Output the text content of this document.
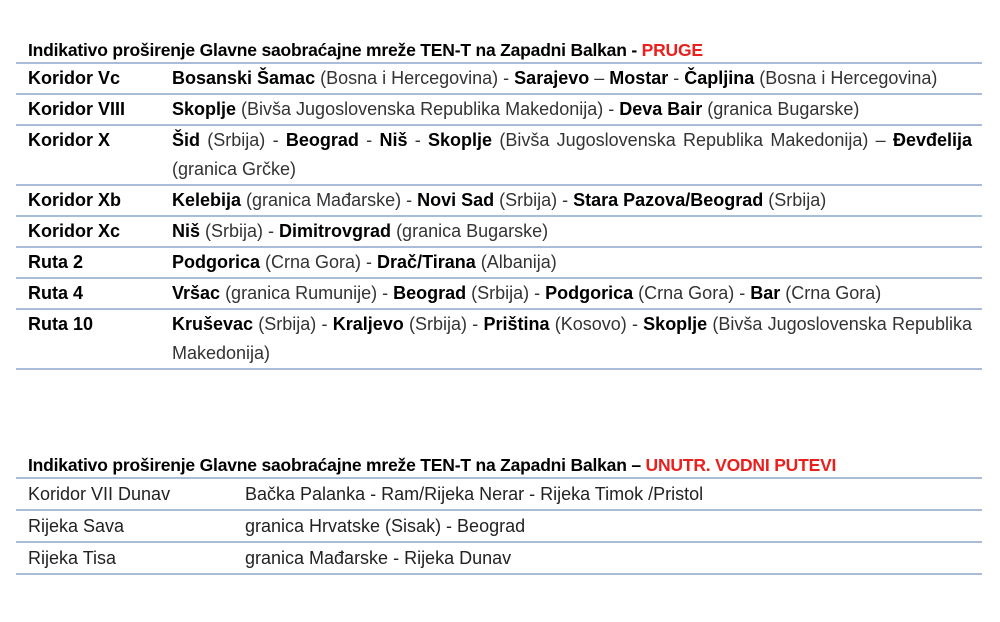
Indikativo proširenje Glavne saobraćajne mreže TEN-T na Zapadni Balkan - PRUGE
Koridor Vc	Bosanski Šamac (Bosna i Hercegovina) - Sarajevo – Mostar - Čapljina (Bosna i Hercegovina)
Koridor VIII	Skoplje (Bivša Jugoslovenska Republika Makedonija) - Deva Bair (granica Bugarske)
Koridor X	Šid (Srbija) - Beograd - Niš - Skoplje (Bivša Jugoslovenska Republika Makedonija) – Đevđelija (granica Grčke)
Koridor Xb	Kelebija (granica Mađarske) - Novi Sad (Srbija) - Stara Pazova/Beograd (Srbija)
Koridor Xc	Niš (Srbija) - Dimitrovgrad (granica Bugarske)
Ruta 2	Podgorica (Crna Gora) - Drač/Tirana (Albanija)
Ruta 4	Vršac (granica Rumunije) - Beograd (Srbija) - Podgorica (Crna Gora) - Bar (Crna Gora)
Ruta 10	Kruševac (Srbija) - Kraljevo (Srbija) - Priština (Kosovo) - Skoplje (Bivša Jugoslovenska Republika Makedonija)
Indikativo proširenje Glavne saobraćajne mreže TEN-T na Zapadni Balkan – UNUTR. VODNI PUTEVI
Koridor VII Dunav	Bačka Palanka - Ram/Rijeka Nerar - Rijeka Timok /Pristol
Rijeka Sava	granica Hrvatske (Sisak) - Beograd
Rijeka Tisa	granica Mađarske - Rijeka Dunav
